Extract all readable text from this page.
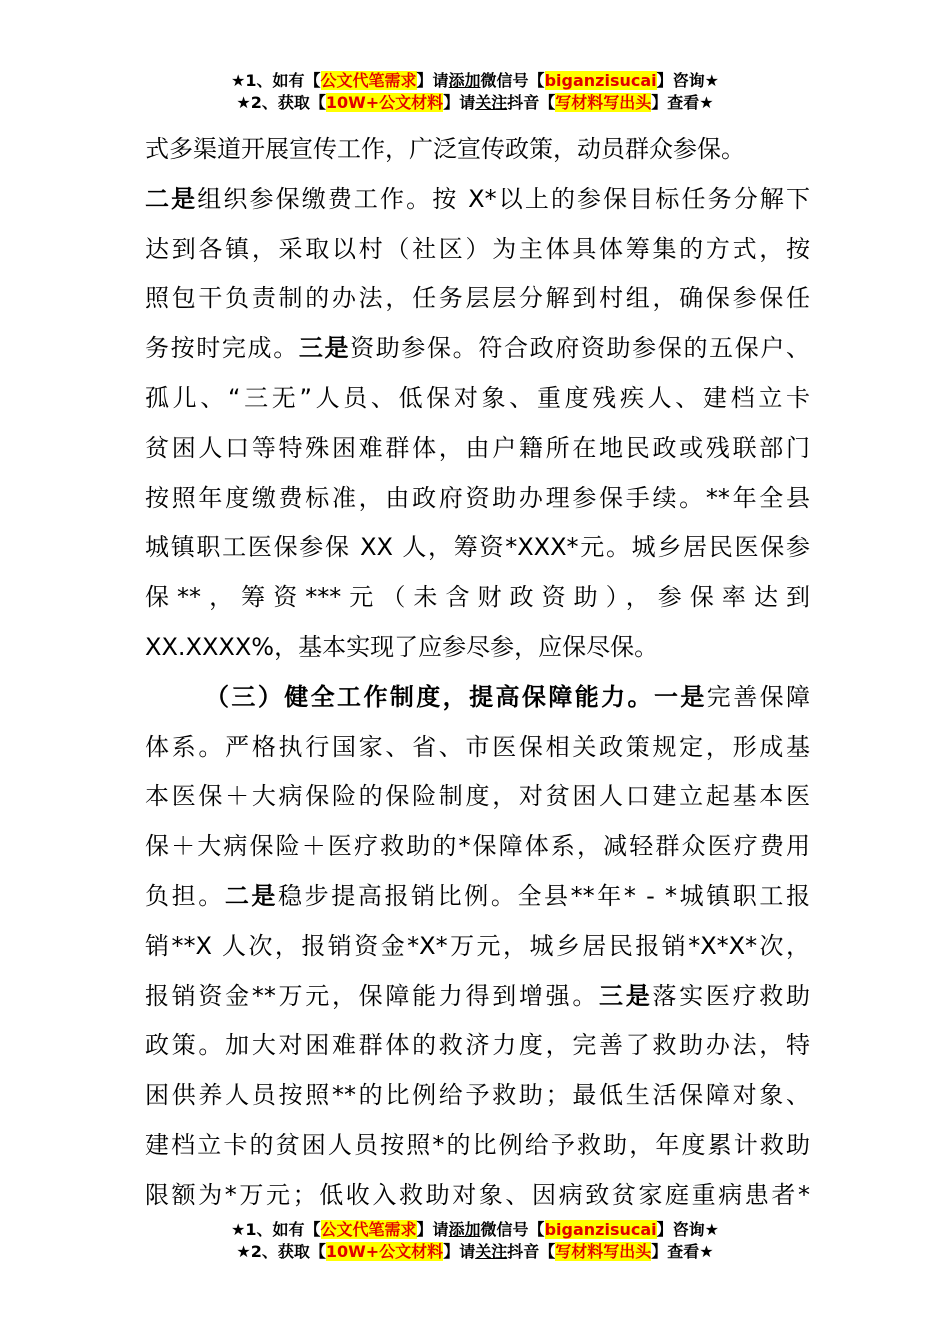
★1、如有【公文代笔需求】请添加微信号【biganzisucai】咨询★
★2、获取【10W+公文材料】请关注抖音【写材料写出头】查看★
式多渠道开展宣传工作，广泛宣传政策，动员群众参保。
二是组织参保缴费工作。按 X*以上的参保目标任务分解下
达到各镇，采取以村（社区）为主体具体筹集的方式，按
照包干负责制的办法，任务层层分解到村组，确保参保任
务按时完成。三是资助参保。符合政府资助参保的五保户、
孤儿、“三无”人员、低保对象、重度残疾人、建档立卡
贫困人口等特殊困难群体，由户籍所在地民政或残联部门
按照年度缴费标准，由政府资助办理参保手续。**年全县
城镇职工医保参保 XX 人，筹资*XXX*元。城乡居民医保参
保**，筹资***元（未含财政资助），参保率达到
XX.XXXX%，基本实现了应参尽参，应保尽保。
（三）健全工作制度，提高保障能力。一是完善保障
体系。严格执行国家、省、市医保相关政策规定，形成基
本医保＋大病保险的保险制度，对贫困人口建立起基本医
保＋大病保险＋医疗救助的*保障体系，减轻群众医疗费用
负担。二是稳步提高报销比例。全县**年* - *城镇职工报
销**X 人次，报销资金*X*万元，城乡居民报销*X*X*次，
报销资金**万元，保障能力得到增强。三是落实医疗救助
政策。加大对困难群体的救济力度，完善了救助办法，特
困供养人员按照**的比例给予救助；最低生活保障对象、
建档立卡的贫困人员按照*的比例给予救助，年度累计救助
限额为*万元；低收入救助对象、因病致贫家庭重病患者*
★1、如有【公文代笔需求】请添加微信号【biganzisucai】咨询★
★2、获取【10W+公文材料】请关注抖音【写材料写出头】查看★
